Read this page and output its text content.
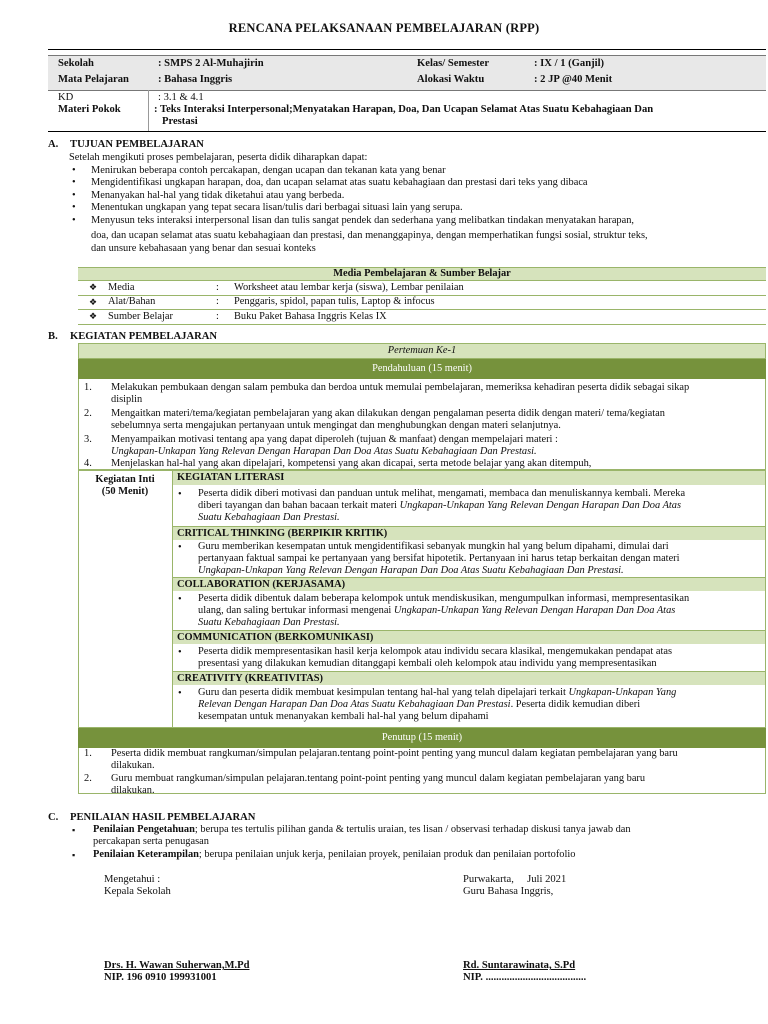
RENCANA PELAKSANAAN PEMBELAJARAN (RPP)
Sekolah	: SMPS 2 Al-Muhajirin	Kelas/ Semester	: IX / 1 (Ganjil)
Mata Pelajaran	: Bahasa Inggris	Alokasi Waktu	: 2 JP @40 Menit
KD	: 3.1 & 4.1
Materi Pokok	: Teks Interaksi Interpersonal;Menyatakan Harapan, Doa, Dan Ucapan Selamat Atas Suatu Kebahagiaan Dan
Prestasi
A. TUJUAN PEMBELAJARAN
Setelah mengikuti proses pembelajaran, peserta didik diharapkan dapat:
• Menirukan beberapa contoh percakapan, dengan ucapan dan tekanan kata yang benar
• Mengidentifikasi ungkapan harapan, doa, dan ucapan selamat atas suatu kebahagiaan dan prestasi dari teks yang dibaca
• Menanyakan hal-hal yang tidak diketahui atau yang berbeda.
• Menentukan ungkapan yang tepat secara lisan/tulis dari berbagai situasi lain yang serupa.
• Menyusun teks interaksi interpersonal lisan dan tulis sangat pendek dan sederhana yang melibatkan tindakan menyatakan harapan,
doa, dan ucapan selamat atas suatu kebahagiaan dan prestasi, dan menanggapinya, dengan memperhatikan fungsi sosial, struktur teks,
dan unsure kebahasaan yang benar dan sesuai konteks
Media Pembelajaran & Sumber Belajar			
❖	Media	:	Worksheet atau lembar kerja (siswa), Lembar penilaian
❖	Alat/Bahan	:	Penggaris, spidol, papan tulis, Laptop & infocus
❖	Sumber Belajar	:	Buku Paket Bahasa Inggris Kelas IX
B. KEGIATAN PEMBELAJARAN
Pertemuan Ke-1
Pendahuluan (15 menit)
1. Melakukan pembukaan dengan salam pembuka dan berdoa untuk memulai pembelajaran, memeriksa kehadiran peserta didik sebagai sikap
disiplin
2. Mengaitkan materi/tema/kegiatan pembelajaran yang akan dilakukan dengan pengalaman peserta didik dengan materi/ tema/kegiatan
sebelumnya serta mengajukan pertanyaan untuk mengingat dan menghubungkan dengan materi selanjutnya.
3. Menyampaikan motivasi tentang apa yang dapat diperoleh (tujuan & manfaat) dengan mempelajari materi :
Ungkapan-Unkapan Yang Relevan Dengan Harapan Dan Doa Atas Suatu Kebahagiaan Dan Prestasi.
4. Menjelaskan hal-hal yang akan dipelajari, kompetensi yang akan dicapai, serta metode belajar yang akan ditempuh,
Kegiatan Inti
(50 Menit)
KEGIATAN LITERASI
• Peserta didik diberi motivasi dan panduan untuk melihat, mengamati, membaca dan menuliskannya kembali. Mereka
diberi tayangan dan bahan bacaan terkait materi Ungkapan-Unkapan Yang Relevan Dengan Harapan Dan Doa Atas
Suatu Kebahagiaan Dan Prestasi.
CRITICAL THINKING (BERPIKIR KRITIK)
• Guru memberikan kesempatan untuk mengidentifikasi sebanyak mungkin hal yang belum dipahami, dimulai dari
pertanyaan faktual sampai ke pertanyaan yang bersifat hipotetik. Pertanyaan ini harus tetap berkaitan dengan materi
Ungkapan-Unkapan Yang Relevan Dengan Harapan Dan Doa Atas Suatu Kebahagiaan Dan Prestasi.
COLLABORATION (KERJASAMA)
• Peserta didik dibentuk dalam beberapa kelompok untuk mendiskusikan, mengumpulkan informasi, mempresentasikan
ulang, dan saling bertukar informasi mengenai Ungkapan-Unkapan Yang Relevan Dengan Harapan Dan Doa Atas
Suatu Kebahagiaan Dan Prestasi.
COMMUNICATION (BERKOMUNIKASI)
• Peserta didik mempresentasikan hasil kerja kelompok atau individu secara klasikal, mengemukakan pendapat atas
presentasi yang dilakukan kemudian ditanggapi kembali oleh kelompok atau individu yang mempresentasikan
CREATIVITY (KREATIVITAS)
• Guru dan peserta didik membuat kesimpulan tentang hal-hal yang telah dipelajari terkait Ungkapan-Unkapan Yang
Relevan Dengan Harapan Dan Doa Atas Suatu Kebahagiaan Dan Prestasi. Peserta didik kemudian diberi
kesempatan untuk menanyakan kembali hal-hal yang belum dipahami
Penutup (15 menit)
1. Peserta didik membuat rangkuman/simpulan pelajaran.tentang point-point penting yang muncul dalam kegiatan pembelajaran yang baru
dilakukan.
2. Guru membuat rangkuman/simpulan pelajaran.tentang point-point penting yang muncul dalam kegiatan pembelajaran yang baru
dilakukan.
C. PENILAIAN HASIL PEMBELAJARAN
▪ Penilaian Pengetahuan; berupa tes tertulis pilihan ganda & tertulis uraian, tes lisan / observasi terhadap diskusi tanya jawab dan
percakapan serta penugasan
▪ Penilaian Keterampilan; berupa penilaian unjuk kerja, penilaian proyek, penilaian produk dan penilaian portofolio
Mengetahui :
Kepala Sekolah
Drs. H. Wawan Suherwan,M.Pd
NIP. 196 0910 199931001
Purwakarta,     Juli 2021
Guru Bahasa Inggris,
Rd. Suntarawinata, S.Pd
NIP. ......................................
